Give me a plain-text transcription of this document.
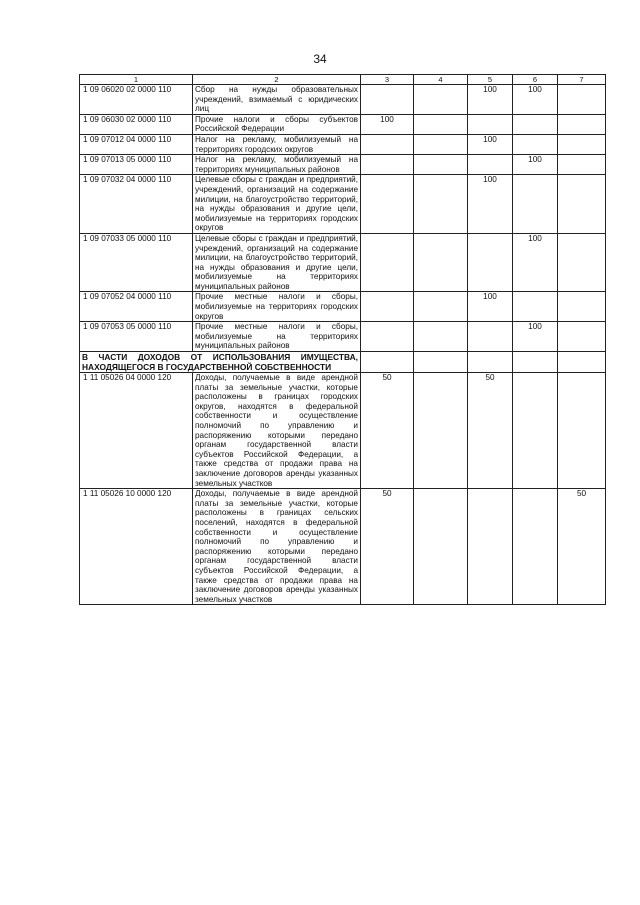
34
1	2	3	4	5	6	7
1 09 06020 02 0000 110	Сбор на нужды образовательных учреждений, взимаемый с юридических лиц			100	100	
1 09 06030 02 0000 110	Прочие налоги и сборы субъектов Российской Федерации	100				
1 09 07012 04 0000 110	Налог на рекламу, мобилизуемый на территориях городских округов			100		
1 09 07013 05 0000 110	Налог на рекламу, мобилизуемый на территориях муниципальных районов				100	
1 09 07032 04 0000 110	Целевые сборы с граждан и предприятий, учреждений, организаций на содержание милиции, на благоустройство территорий, на нужды образования и другие цели, мобилизуемые на территориях городских округов			100		
1 09 07033 05 0000 110	Целевые сборы с граждан и предприятий, учреждений, организаций на содержание милиции, на благоустройство территорий, на нужды образования и другие цели, мобилизуемые на территориях муниципальных районов				100	
1 09 07052 04 0000 110	Прочие местные налоги и сборы, мобилизуемые на территориях городских округов			100		
1 09 07053 05 0000 110	Прочие местные налоги и сборы, мобилизуемые на территориях муниципальных районов				100	
В ЧАСТИ ДОХОДОВ ОТ ИСПОЛЬЗОВАНИЯ ИМУЩЕСТВА, НАХОДЯЩЕГОСЯ В ГОСУДАРСТВЕННОЙ СОБСТВЕННОСТИ						
1 11 05026 04 0000 120	Доходы, получаемые в виде арендной платы за земельные участки, которые расположены в границах городских округов, находятся в федеральной собственности и осуществление полномочий по управлению и распоряжению которыми передано органам государственной власти субъектов Российской Федерации, а также средства от продажи права на заключение договоров аренды указанных земельных участков	50		50		
1 11 05026 10 0000 120	Доходы, получаемые в виде арендной платы за земельные участки, которые расположены в границах сельских поселений, находятся в федеральной собственности и осуществление полномочий по управлению и распоряжению которыми передано органам государственной власти субъектов Российской Федерации, а также средства от продажи права на заключение договоров аренды указанных земельных участков	50				50
